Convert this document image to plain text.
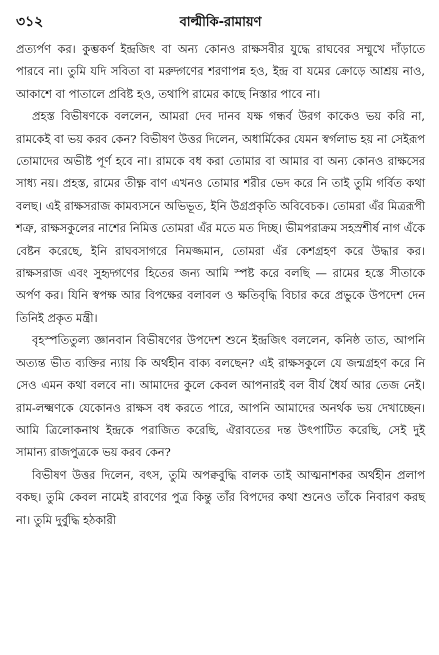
৩১২	বাল্মীকি-রামায়ণ

প্রত্যর্পণ কর। কুম্ভকর্ণ ইন্দ্রজিৎ বা অন্য কোনও রাক্ষসবীর যুদ্ধে রাঘবের সম্মুখে দাঁড়াতে পারবে না। তুমি যদি সবিতা বা মরুদ্গণের শরণাপন্ন হও, ইন্দ্র বা যমের ক্রোড়ে আশ্রয় নাও, আকাশে বা পাতালে প্রবিষ্ট হও, তথাপি রামের কাছে নিস্তার পাবে না।

প্রহস্ত বিভীষণকে বললেন, আমরা দেব দানব যক্ষ গন্ধর্ব উরগ কাকেও ভয় করি না, রামকেই বা ভয় করব কেন? বিভীষণ উত্তর দিলেন, অধার্মিকের যেমন স্বর্গলাভ হয় না সেইরূপ তোমাদের অভীষ্ট পূর্ণ হবে না। রামকে বধ করা তোমার বা আমার বা অন্য কোনও রাক্ষসের সাধ্য নয়। প্রহস্ত, রামের তীক্ষ্ণ বাণ এখনও তোমার শরীর ভেদ করে নি তাই তুমি গর্বিত কথা বলছ। এই রাক্ষসরাজ কামব্যসনে অভিভূত, ইনি উগ্রপ্রকৃতি অবিবেচক। তোমরা এঁর মিত্ররূপী শত্রু, রাক্ষসকুলের নাশের নিমিত্ত তোমরা এঁর মতে মত দিচ্ছ। ভীমপরাক্রম সহস্রশীর্ষ নাগ এঁকে বেষ্টন করেছে, ইনি রাঘবসাগরে নিমজ্জমান, তোমরা এঁর কেশগ্রহণ করে উদ্ধার কর। রাক্ষসরাজ এবং সুহৃদ্গণের হিতের জন্য আমি স্পষ্ট করে বলছি — রামের হস্তে সীতাকে অর্পণ কর। যিনি স্বপক্ষ আর বিপক্ষের বলাবল ও ক্ষতিবৃদ্ধি বিচার করে প্রভুকে উপদেশ দেন তিনিই প্রকৃত মন্ত্রী।

বৃহস্পতিতুল্য জ্ঞানবান বিভীষণের উপদেশ শুনে ইন্দ্রজিৎ বললেন, কনিষ্ঠ তাত, আপনি অত্যন্ত ভীত ব্যক্তির ন্যায় কি অর্থহীন বাক্য বলছেন? এই রাক্ষসকুলে যে জন্মগ্রহণ করে নি সেও এমন কথা বলবে না। আমাদের কুলে কেবল আপনারই বল বীর্য ধৈর্য আর তেজ নেই। রাম-লক্ষ্মণকে যেকোনও রাক্ষস বধ করতে পারে, আপনি আমাদের অনর্থক ভয় দেখাচ্ছেন। আমি ত্রিলোকনাথ ইন্দ্রকে পরাজিত করেছি, ঐরাবতের দন্ত উৎপাটিত করেছি, সেই দুই সামান্য রাজপুত্রকে ভয় করব কেন?

বিভীষণ উত্তর দিলেন, বৎস, তুমি অপক্ববুদ্ধি বালক তাই আত্মনাশকর অর্থহীন প্রলাপ বকছ। তুমি কেবল নামেই রাবণের পুত্র কিন্তু তাঁর বিপদের কথা শুনেও তাঁকে নিবারণ করছ না। তুমি দুর্বুদ্ধি হঠকারী
